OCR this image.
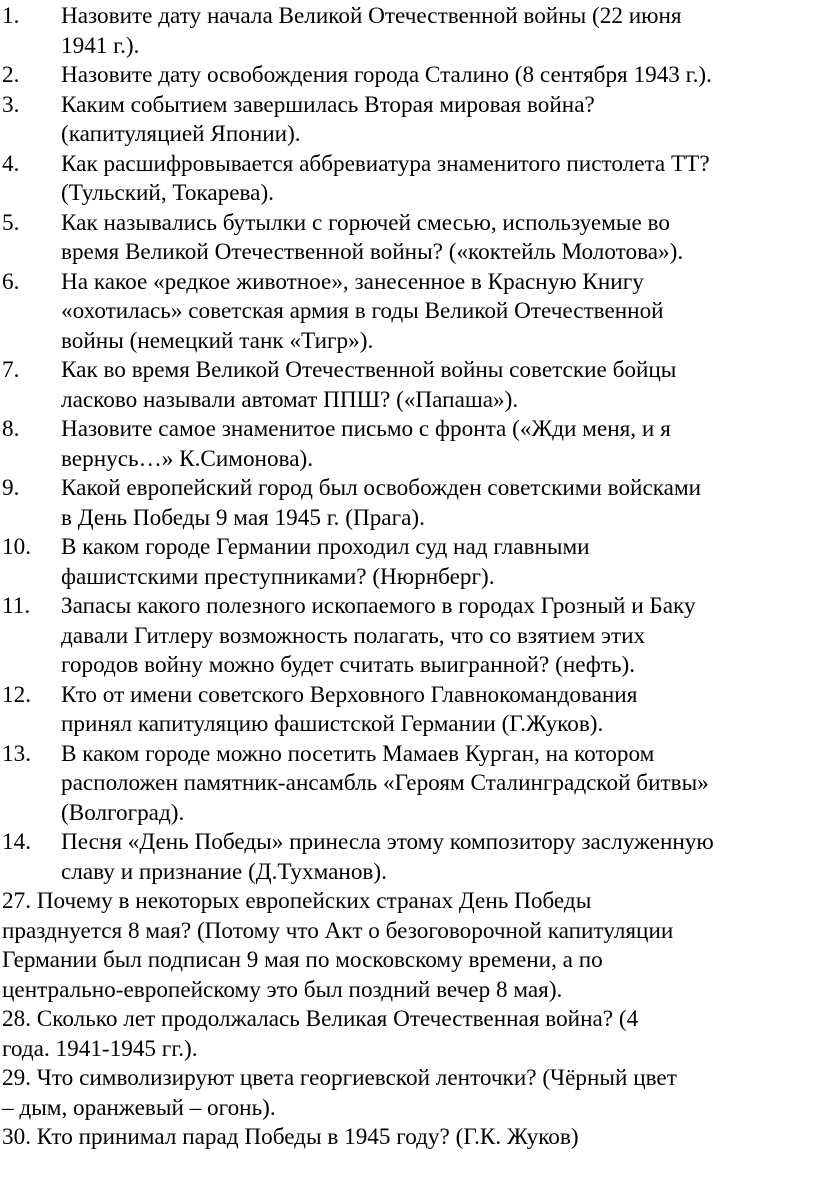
1. Назовите дату начала Великой Отечественной войны (22 июня
1941 г.).
2. Назовите дату освобождения города Сталино (8 сентября 1943 г.).
3. Каким событием завершилась Вторая мировая война?
(капитуляцией Японии).
4. Как расшифровывается аббревиатура знаменитого пистолета ТТ?
(Тульский, Токарева).
5. Как назывались бутылки с горючей смесью, используемые во
время Великой Отечественной войны? («коктейль Молотова»).
6. На какое «редкое животное», занесенное в Красную Книгу
«охотилась» советская армия в годы Великой Отечественной
войны (немецкий танк «Тигр»).
7. Как во время Великой Отечественной войны советские бойцы
ласково называли автомат ППШ? («Папаша»).
8. Назовите самое знаменитое письмо с фронта («Жди меня, и я
вернусь…» К.Симонова).
9. Какой европейский город был освобожден советскими войсками
в День Победы 9 мая 1945 г. (Прага).
10. В каком городе Германии проходил суд над главными
фашистскими преступниками? (Нюрнберг).
11. Запасы какого полезного ископаемого в городах Грозный и Баку
давали Гитлеру возможность полагать, что со взятием этих
городов войну можно будет считать выигранной? (нефть).
12. Кто от имени советского Верховного Главнокомандования
принял капитуляцию фашистской Германии (Г.Жуков).
13. В каком городе можно посетить Мамаев Курган, на котором
расположен памятник-ансамбль «Героям Сталинградской битвы»
(Волгоград).
14. Песня «День Победы» принесла этому композитору заслуженную
славу и признание (Д.Тухманов).
27. Почему в некоторых европейских странах День Победы
празднуется 8 мая? (Потому что Акт о безоговорочной капитуляции
Германии был подписан 9 мая по московскому времени, а по
центрально-европейскому это был поздний вечер 8 мая).
28. Сколько лет продолжалась Великая Отечественная война? (4
года. 1941-1945 гг.).
29. Что символизируют цвета георгиевской ленточки? (Чёрный цвет
– дым, оранжевый – огонь).
30. Кто принимал парад Победы в 1945 году? (Г.К. Жуков)
